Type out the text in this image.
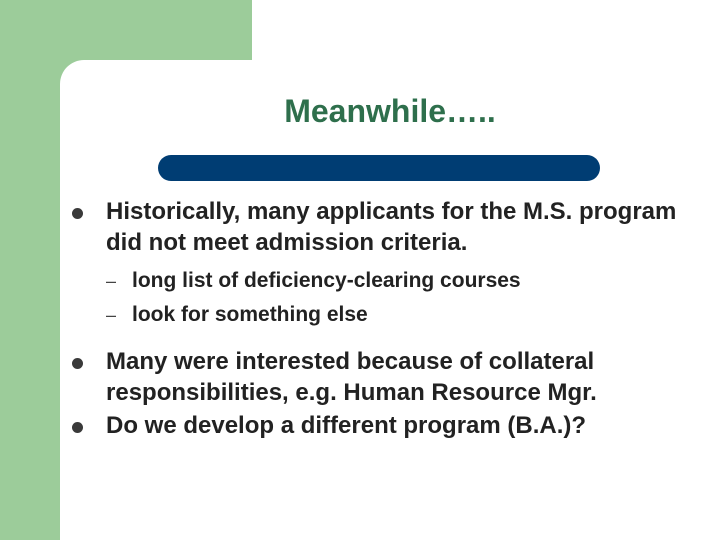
Meanwhile…..
Historically, many applicants for the M.S. program did not meet admission criteria.
– long list of deficiency-clearing courses
– look for something else
Many were interested because of collateral responsibilities, e.g. Human Resource Mgr.
Do we develop a different program (B.A.)?
